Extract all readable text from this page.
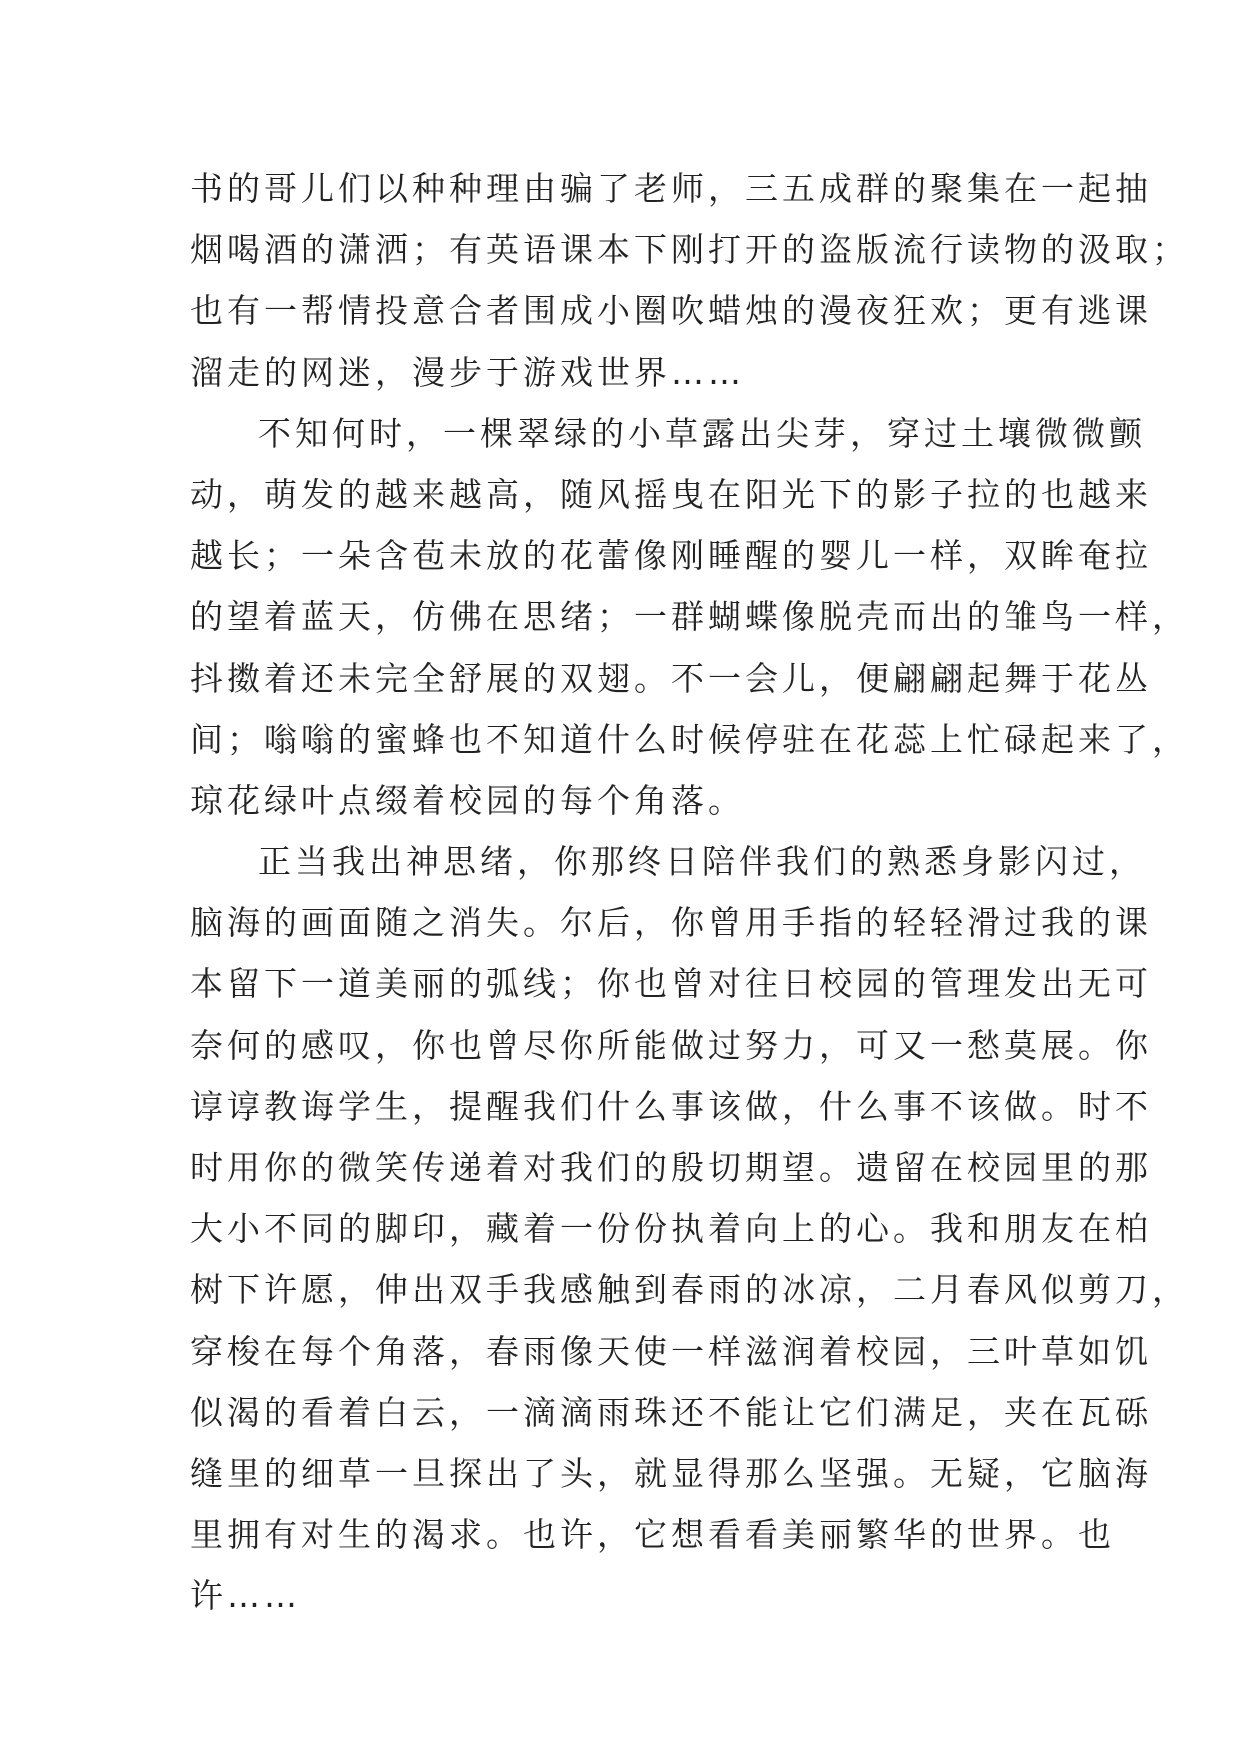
书的哥儿们以种种理由骗了老师，三五成群的聚集在一起抽
烟喝酒的潇洒；有英语课本下刚打开的盗版流行读物的汲取；
也有一帮情投意合者围成小圈吹蜡烛的漫夜狂欢；更有逃课
溜走的网迷，漫步于游戏世界……

不知何时，一棵翠绿的小草露出尖芽，穿过土壤微微颤
动，萌发的越来越高，随风摇曳在阳光下的影子拉的也越来
越长；一朵含苞未放的花蕾像刚睡醒的婴儿一样，双眸奄拉
的望着蓝天，仿佛在思绪；一群蝴蝶像脱壳而出的雏鸟一样，
抖擞着还未完全舒展的双翅。不一会儿，便翩翩起舞于花丛
间；嗡嗡的蜜蜂也不知道什么时候停驻在花蕊上忙碌起来了，
琼花绿叶点缀着校园的每个角落。

正当我出神思绪，你那终日陪伴我们的熟悉身影闪过，
脑海的画面随之消失。尔后，你曾用手指的轻轻滑过我的课
本留下一道美丽的弧线；你也曾对往日校园的管理发出无可
奈何的感叹，你也曾尽你所能做过努力，可又一愁莫展。你
谆谆教诲学生，提醒我们什么事该做，什么事不该做。时不
时用你的微笑传递着对我们的殷切期望。遗留在校园里的那
大小不同的脚印，藏着一份份执着向上的心。我和朋友在柏
树下许愿，伸出双手我感触到春雨的冰凉，二月春风似剪刀，
穿梭在每个角落，春雨像天使一样滋润着校园，三叶草如饥
似渴的看着白云，一滴滴雨珠还不能让它们满足，夹在瓦砾
缝里的细草一旦探出了头，就显得那么坚强。无疑，它脑海
里拥有对生的渴求。也许，它想看看美丽繁华的世界。也
许……
